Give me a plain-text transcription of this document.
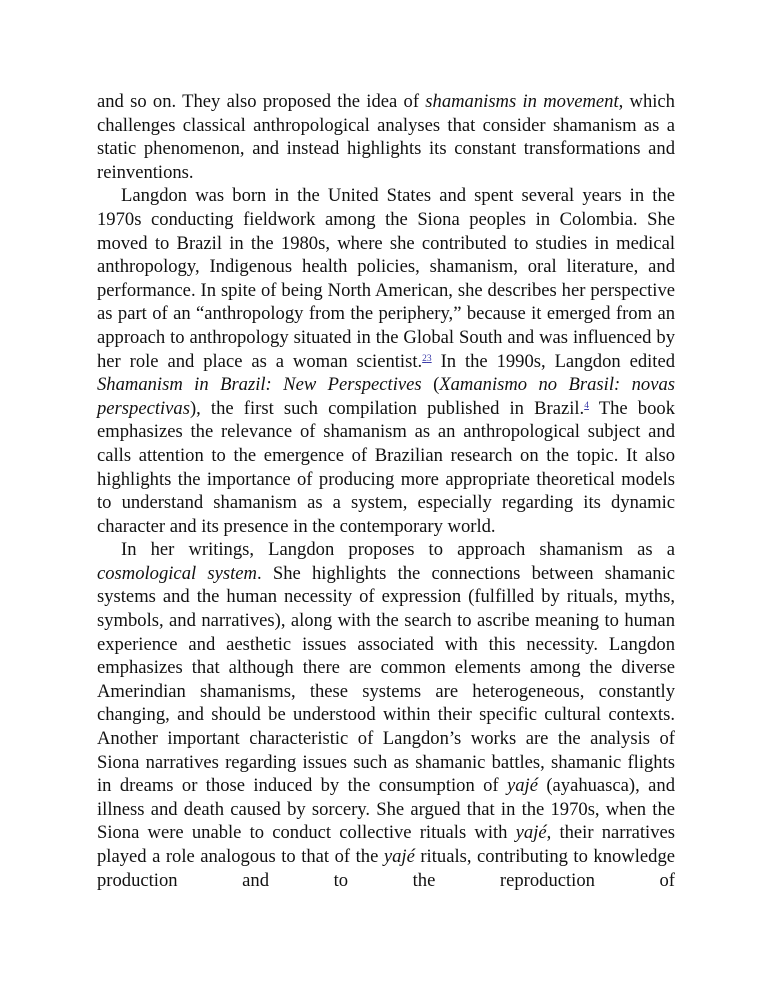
and so on. They also proposed the idea of shamanisms in movement, which challenges classical anthropological analyses that consider shamanism as a static phenomenon, and instead highlights its constant transformations and reinventions.

Langdon was born in the United States and spent several years in the 1970s conducting fieldwork among the Siona peoples in Colombia. She moved to Brazil in the 1980s, where she contributed to studies in medical anthropology, Indigenous health policies, shamanism, oral literature, and performance. In spite of being North American, she describes her perspective as part of an “anthropology from the periphery,” because it emerged from an approach to anthropology situated in the Global South and was influenced by her role and place as a woman scientist.$^{23}$ In the 1990s, Langdon edited Shamanism in Brazil: New Perspectives (Xamanismo no Brasil: novas perspectivas), the first such compilation published in Brazil.$^4$ The book emphasizes the relevance of shamanism as an anthropological subject and calls attention to the emergence of Brazilian research on the topic. It also highlights the importance of producing more appropriate theoretical models to understand shamanism as a system, especially regarding its dynamic character and its presence in the contemporary world.

In her writings, Langdon proposes to approach shamanism as a cosmological system. She highlights the connections between shamanic systems and the human necessity of expression (fulfilled by rituals, myths, symbols, and narratives), along with the search to ascribe meaning to human experience and aesthetic issues associated with this necessity. Langdon emphasizes that although there are common elements among the diverse Amerindian shamanisms, these systems are heterogeneous, constantly changing, and should be understood within their specific cultural contexts. Another important characteristic of Langdon’s works are the analysis of Siona narratives regarding issues such as shamanic battles, shamanic flights in dreams or those induced by the consumption of yajé (ayahuasca), and illness and death caused by sorcery. She argued that in the 1970s, when the Siona were unable to conduct collective rituals with yajé, their narratives played a role analogous to that of the yajé rituals, contributing to knowledge production and to the reproduction of
